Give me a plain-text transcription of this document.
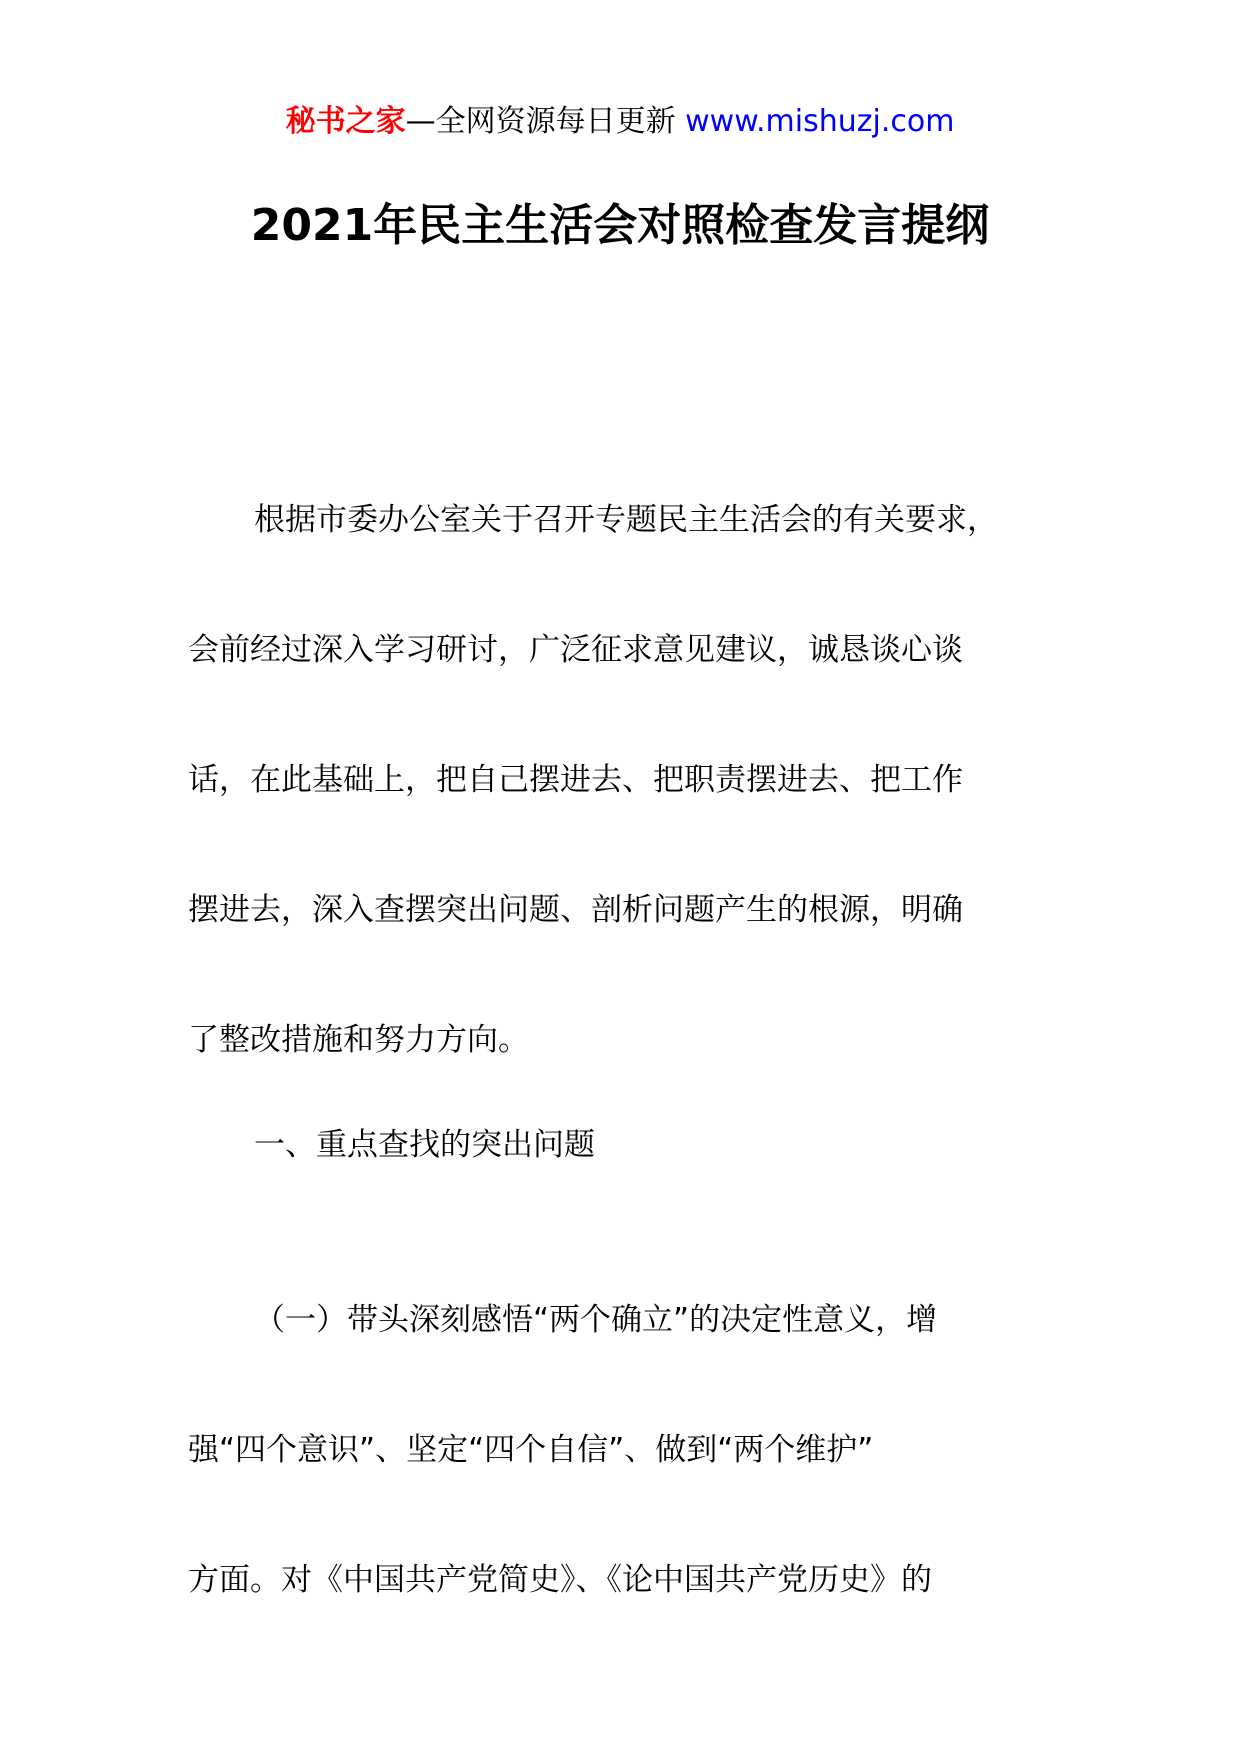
秘书之家—全网资源每日更新 www.mishuzj.com
2021年民主生活会对照检查发言提纲
根据市委办公室关于召开专题民主生活会的有关要求，
会前经过深入学习研讨，广泛征求意见建议，诚恳谈心谈
话，在此基础上，把自己摆进去、把职责摆进去、把工作
摆进去，深入查摆突出问题、剖析问题产生的根源，明确
了整改措施和努力方向。
一、重点查找的突出问题
（一）带头深刻感悟“两个确立”的决定性意义，增
强“四个意识”、坚定“四个自信”、做到“两个维护”
方面。对《中国共产党简史》、《论中国共产党历史》的
